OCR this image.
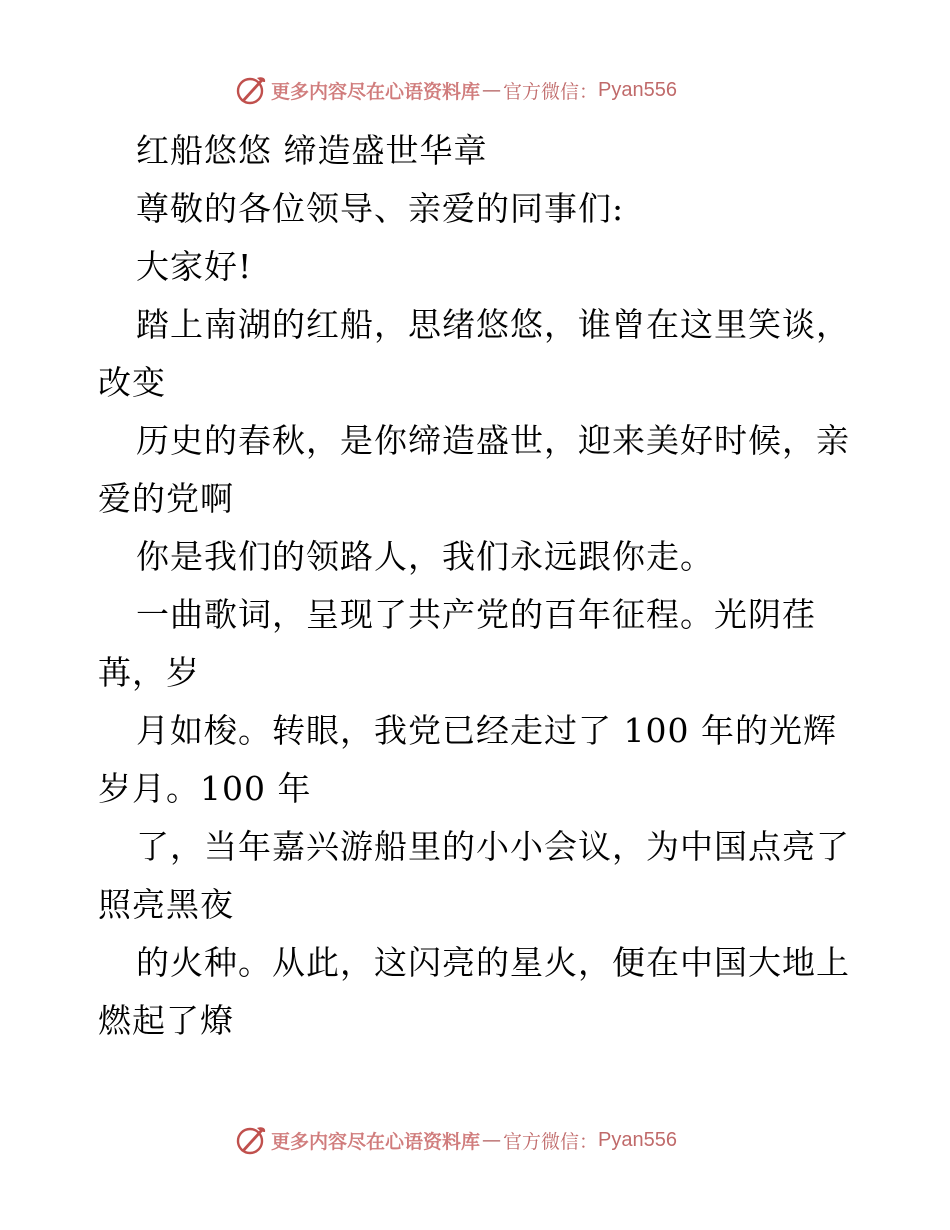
更多内容尽在心语资料库 — 官方微信： Pyan556
红船悠悠 缔造盛世华章
尊敬的各位领导、亲爱的同事们:
大家好!
踏上南湖的红船，思绪悠悠，谁曾在这里笑谈，
改变
历史的春秋，是你缔造盛世，迎来美好时候，亲
爱的党啊
你是我们的领路人，我们永远跟你走。
一曲歌词，呈现了共产党的百年征程。光阴荏
苒，岁
月如梭。转眼，我党已经走过了 100 年的光辉
岁月。100 年
了，当年嘉兴游船里的小小会议，为中国点亮了
照亮黑夜
的火种。从此，这闪亮的星火，便在中国大地上
燃起了燎
更多内容尽在心语资料库 — 官方微信： Pyan556
